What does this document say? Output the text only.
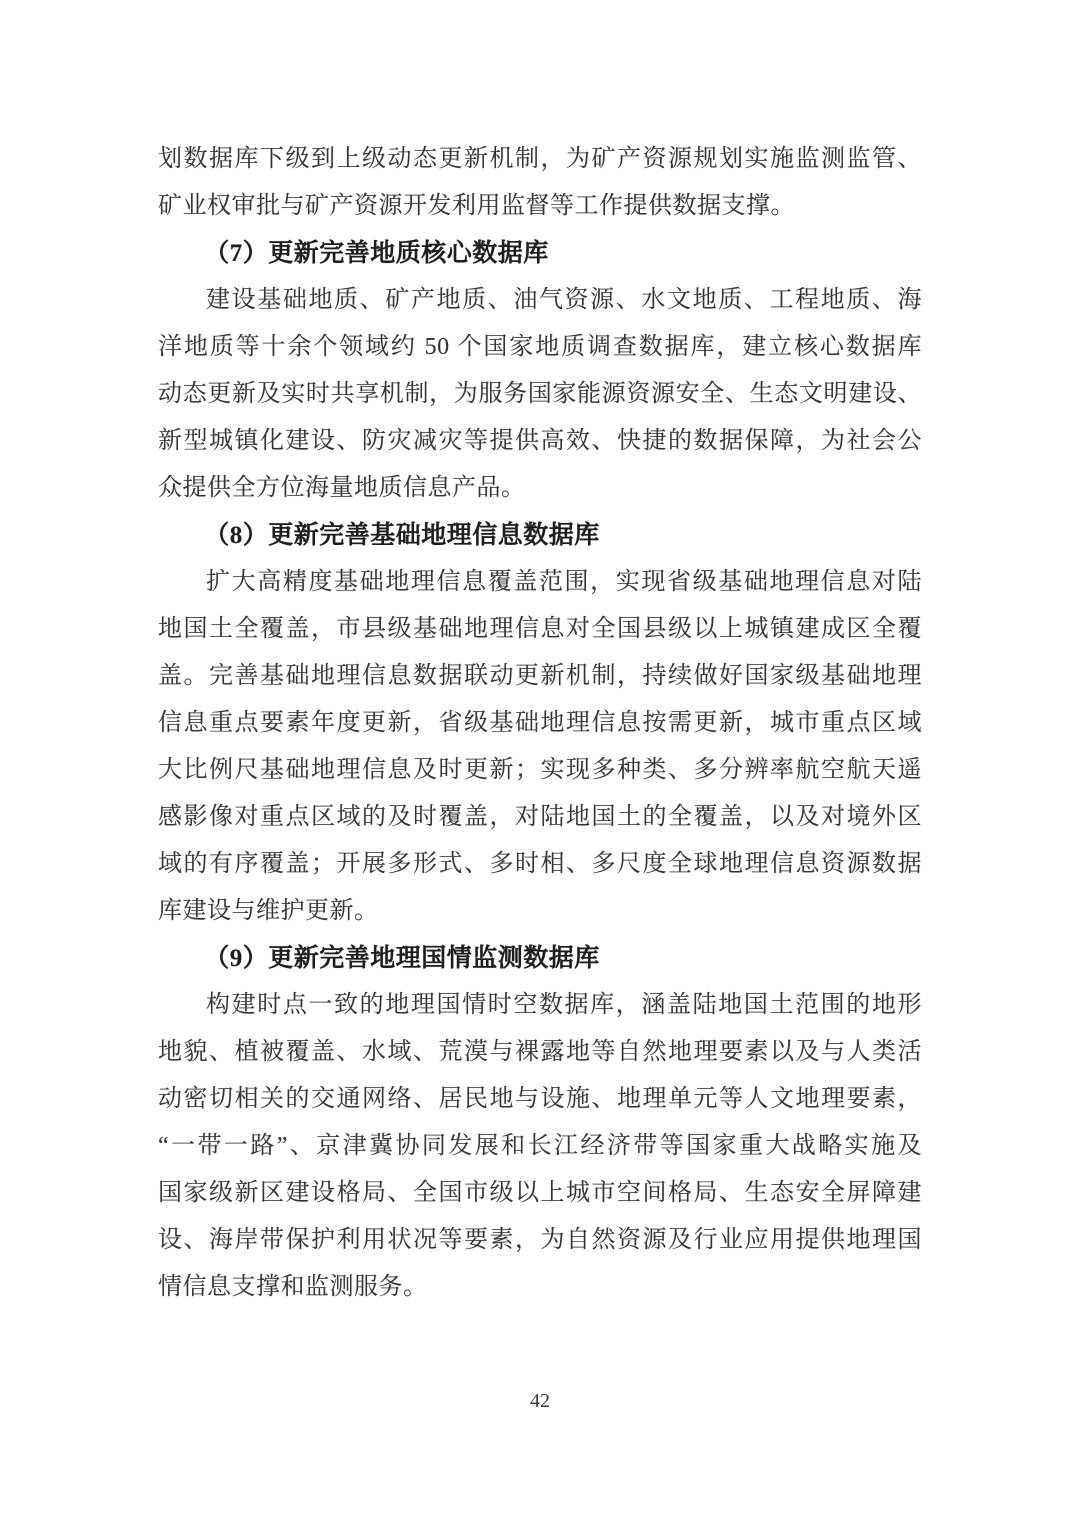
划数据库下级到上级动态更新机制，为矿产资源规划实施监测监管、
矿业权审批与矿产资源开发利用监督等工作提供数据支撑。
（7）更新完善地质核心数据库
建设基础地质、矿产地质、油气资源、水文地质、工程地质、海
洋地质等十余个领域约 50 个国家地质调查数据库，建立核心数据库
动态更新及实时共享机制，为服务国家能源资源安全、生态文明建设、
新型城镇化建设、防灾减灾等提供高效、快捷的数据保障，为社会公
众提供全方位海量地质信息产品。
（8）更新完善基础地理信息数据库
扩大高精度基础地理信息覆盖范围，实现省级基础地理信息对陆
地国土全覆盖，市县级基础地理信息对全国县级以上城镇建成区全覆
盖。完善基础地理信息数据联动更新机制，持续做好国家级基础地理
信息重点要素年度更新，省级基础地理信息按需更新，城市重点区域
大比例尺基础地理信息及时更新；实现多种类、多分辨率航空航天遥
感影像对重点区域的及时覆盖，对陆地国土的全覆盖，以及对境外区
域的有序覆盖；开展多形式、多时相、多尺度全球地理信息资源数据
库建设与维护更新。
（9）更新完善地理国情监测数据库
构建时点一致的地理国情时空数据库，涵盖陆地国土范围的地形
地貌、植被覆盖、水域、荒漠与裸露地等自然地理要素以及与人类活
动密切相关的交通网络、居民地与设施、地理单元等人文地理要素，
“一带一路”、京津冀协同发展和长江经济带等国家重大战略实施及
国家级新区建设格局、全国市级以上城市空间格局、生态安全屏障建
设、海岸带保护利用状况等要素，为自然资源及行业应用提供地理国
情信息支撑和监测服务。
42
